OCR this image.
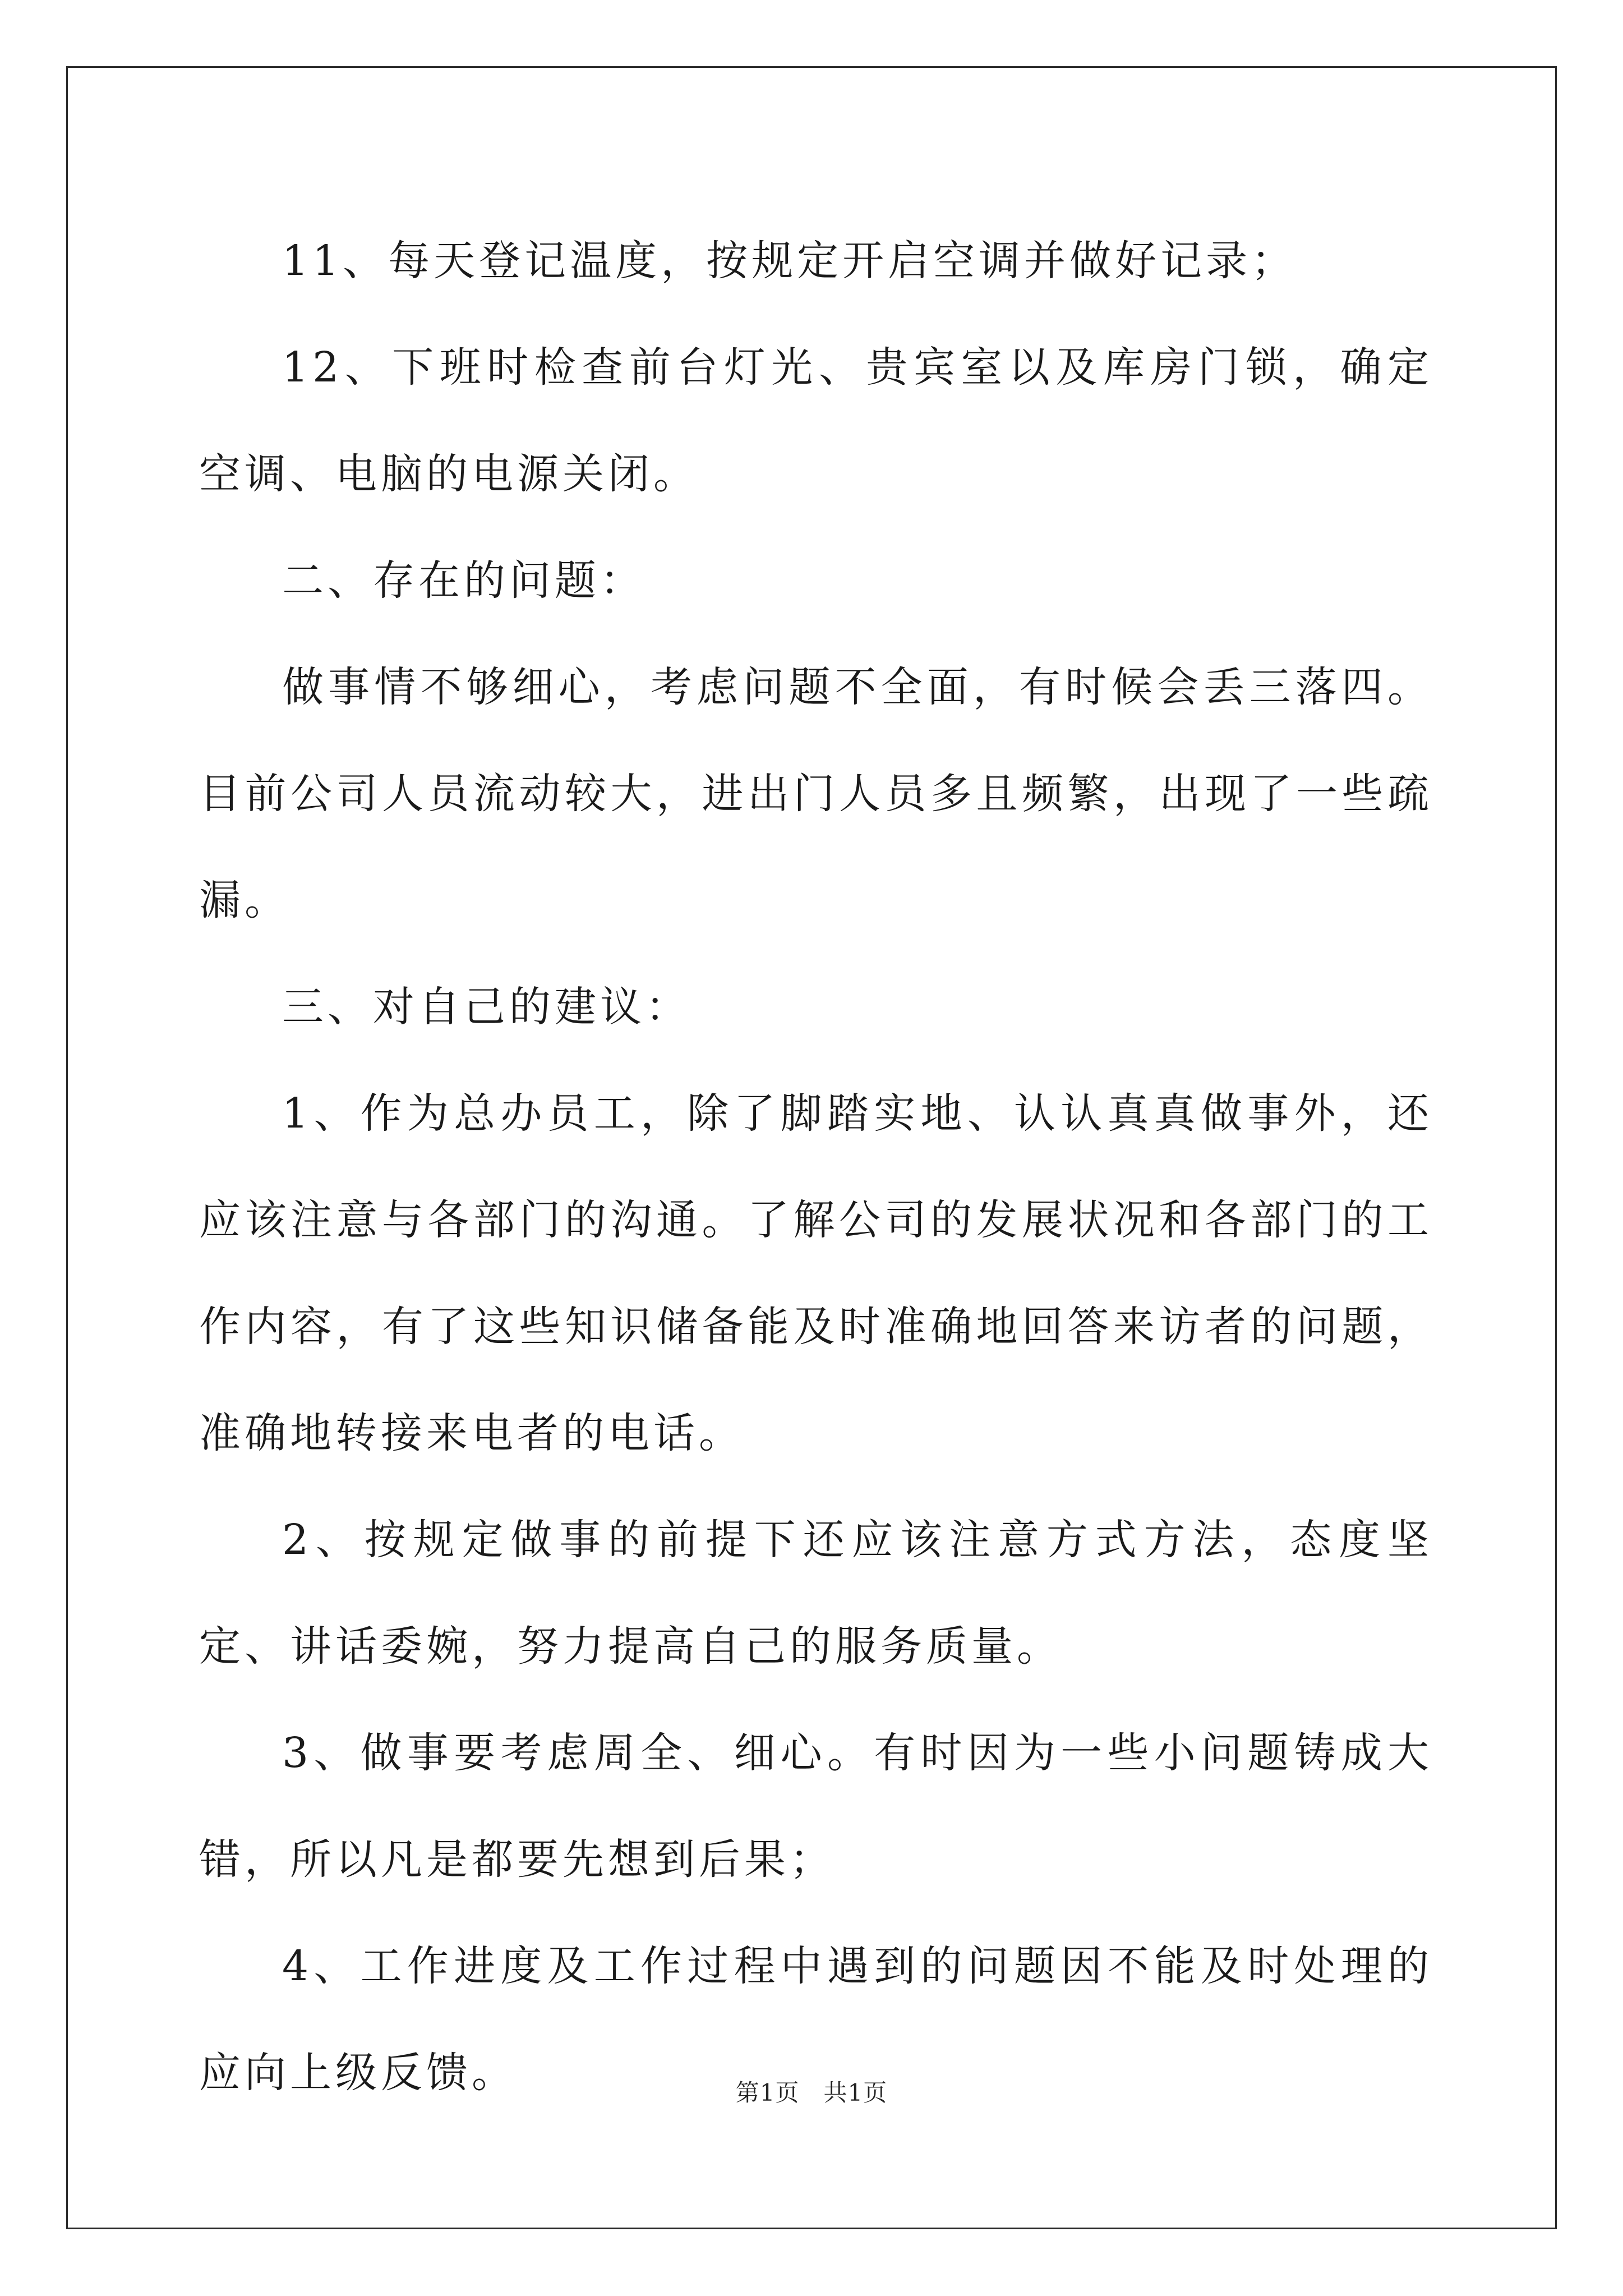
11、每天登记温度，按规定开启空调并做好记录；

12、下班时检查前台灯光、贵宾室以及库房门锁，确定空调、电脑的电源关闭。

二、存在的问题：

做事情不够细心，考虑问题不全面，有时候会丢三落四。目前公司人员流动较大，进出门人员多且频繁，出现了一些疏漏。

三、对自己的建议：

1、作为总办员工，除了脚踏实地、认认真真做事外，还应该注意与各部门的沟通。了解公司的发展状况和各部门的工作内容，有了这些知识储备能及时准确地回答来访者的问题，准确地转接来电者的电话。

2、按规定做事的前提下还应该注意方式方法，态度坚定、讲话委婉，努力提高自己的服务质量。

3、做事要考虑周全、细心。有时因为一些小问题铸成大错，所以凡是都要先想到后果；

4、工作进度及工作过程中遇到的问题因不能及时处理的应向上级反馈。	第1页 共1页
